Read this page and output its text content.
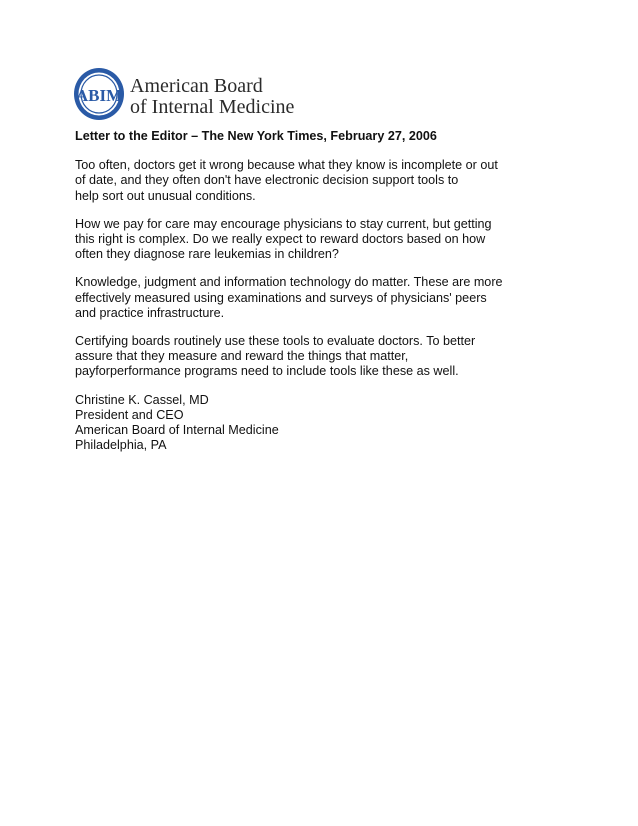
ABIM American Board
of Internal Medicine
Letter to the Editor – The New York Times, February 27, 2006
Too often, doctors get it wrong because what they know is incomplete or out
of date, and they often don't have electronic decision support tools to
help sort out unusual conditions.
How we pay for care may encourage physicians to stay current, but getting
this right is complex. Do we really expect to reward doctors based on how
often they diagnose rare leukemias in children?
Knowledge, judgment and information technology do matter. These are more
effectively measured using examinations and surveys of physicians' peers
and practice infrastructure.
Certifying boards routinely use these tools to evaluate doctors. To better
assure that they measure and reward the things that matter,
payforperformance programs need to include tools like these as well.
Christine K. Cassel, MD
President and CEO
American Board of Internal Medicine
Philadelphia, PA
